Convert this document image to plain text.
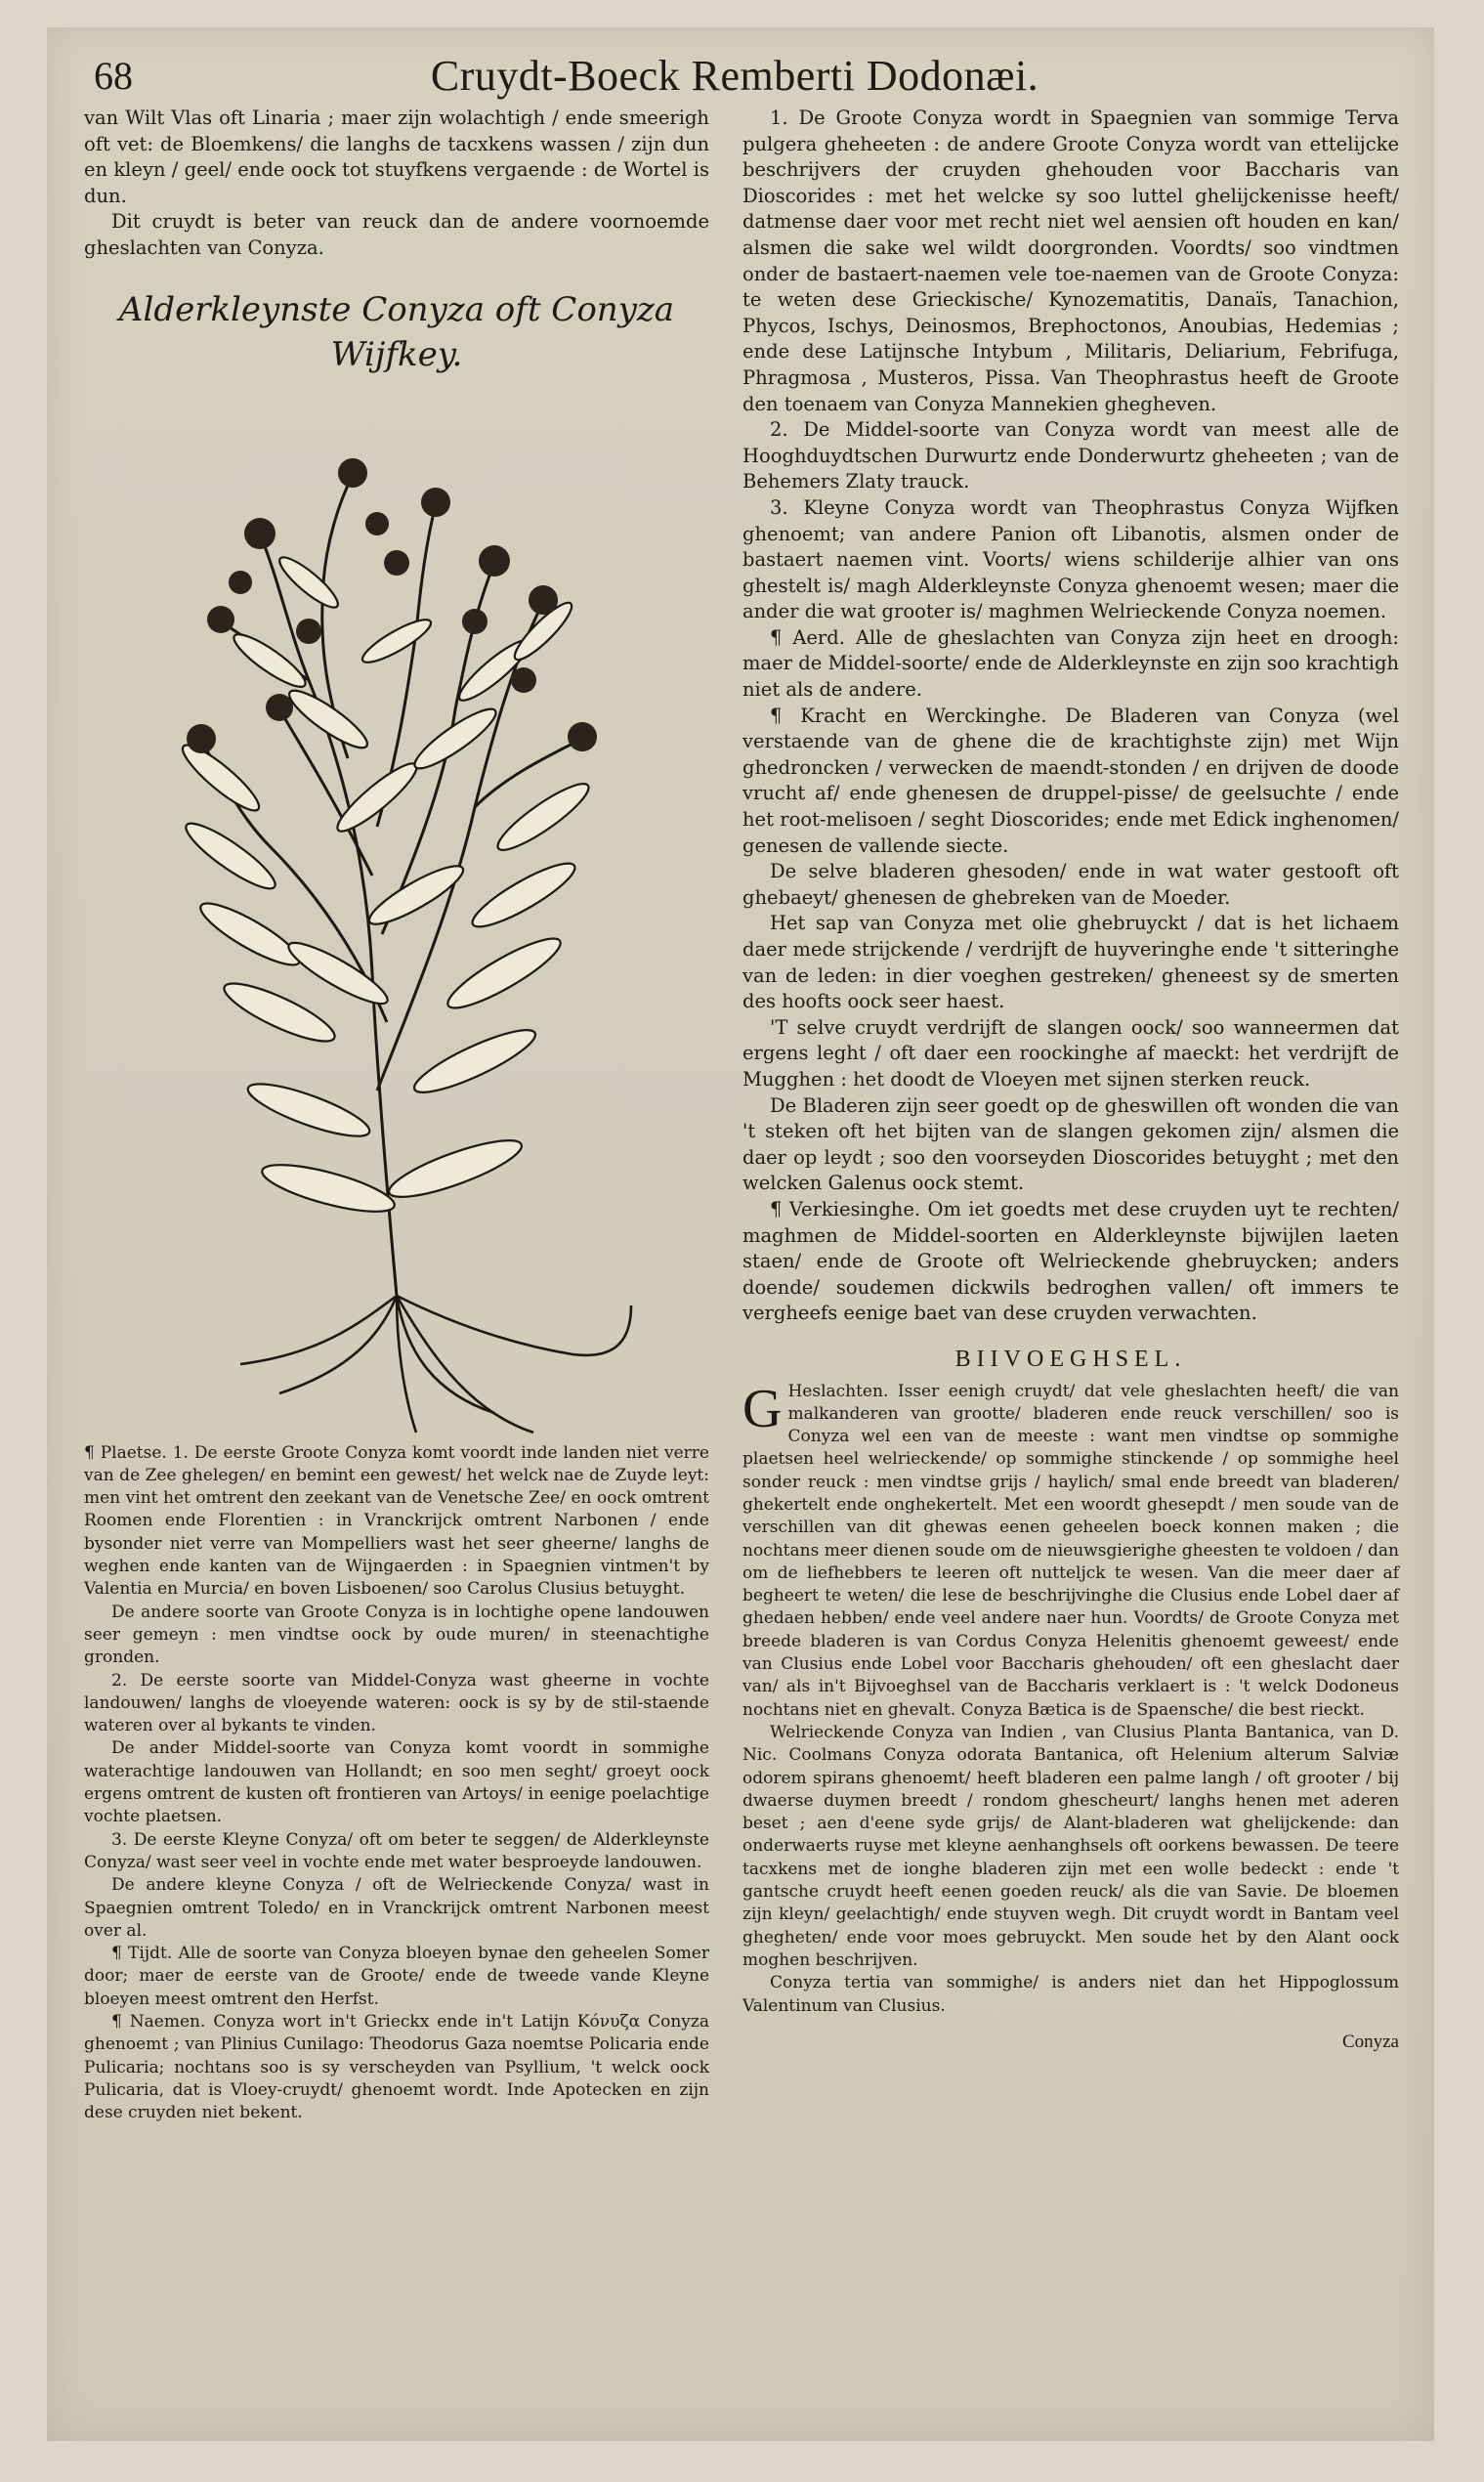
68	Cruydt-Boeck Remberti Dodonæi.

van Wilt Vlas oft Linaria ; maer zijn wolachtigh / ende smeerigh oft vet: de Bloemkens/ die langhs de tacxkens wassen / zijn dun en kleyn / geel/ ende oock tot stuyfkens vergaende : de Wortel is dun.

Dit cruydt is beter van reuck dan de andere voornoemde gheslachten van Conyza.

Alderkleynste Conyza oft Conyza
Wijfkey.

¶ Plaetse. 1. De eerste Groote Conyza komt voordt inde landen niet verre van de Zee ghelegen/ en bemint een gewest/ het welck nae de Zuyde leyt: men vint het omtrent den zeekant van de Venetsche Zee/ en oock omtrent Roomen ende Florentien : in Vranckrijck omtrent Narbonen / ende bysonder niet verre van Mompelliers wast het seer gheerne/ langhs de weghen ende kanten van de Wijngaerden : in Spaegnien vintmen't by Valentia en Murcia/ en boven Lisboenen/ soo Carolus Clusius betuyght.

De andere soorte van Groote Conyza is in lochtighe opene landouwen seer gemeyn : men vindtse oock by oude muren/ in steenachtighe gronden.

2. De eerste soorte van Middel-Conyza wast gheerne in vochte landouwen/ langhs de vloeyende wateren: oock is sy by de stil-staende wateren over al bykants te vinden.

De ander Middel-soorte van Conyza komt voordt in sommighe waterachtige landouwen van Hollandt; en soo men seght/ groeyt oock ergens omtrent de kusten oft frontieren van Artoys/ in eenige poelachtige vochte plaetsen.

3. De eerste Kleyne Conyza/ oft om beter te seggen/ de Alderkleynste Conyza/ wast seer veel in vochte ende met water besproeyde landouwen.

De andere kleyne Conyza / oft de Welrieckende Conyza/ wast in Spaegnien omtrent Toledo/ en in Vranckrijck omtrent Narbonen meest over al.

¶ Tijdt. Alle de soorte van Conyza bloeyen bynae den geheelen Somer door; maer de eerste van de Groote/ ende de tweede vande Kleyne bloeyen meest omtrent den Herfst.

¶ Naemen. Conyza wort in't Grieckx ende in't Latijn Κόνυζα Conyza ghenoemt ; van Plinius Cunilago: Theodorus Gaza noemtse Policaria ende Pulicaria; nochtans soo is sy verscheyden van Psyllium, 't welck oock Pulicaria, dat is Vloey-cruydt/ ghenoemt wordt. Inde Apotecken en zijn dese cruyden niet bekent.

1. De Groote Conyza wordt in Spaegnien van sommige Terva pulgera gheheeten : de andere Groote Conyza wordt van ettelijcke beschrijvers der cruyden ghehouden voor Baccharis van Dioscorides : met het welcke sy soo luttel ghelijckenisse heeft/ datmense daer voor met recht niet wel aensien oft houden en kan/ alsmen die sake wel wildt doorgronden. Voordts/ soo vindtmen onder de bastaert-naemen vele toe-naemen van de Groote Conyza: te weten dese Grieckische/ Kynozematitis, Danaïs, Tanachion, Phycos, Ischys, Deinosmos, Brephoctonos, Anoubias, Hedemias ; ende dese Latijnsche Intybum , Militaris, Deliarium, Febrifuga, Phragmosa , Musteros, Pissa. Van Theophrastus heeft de Groote den toenaem van Conyza Mannekien ghegheven.

2. De Middel-soorte van Conyza wordt van meest alle de Hooghduydtschen Durwurtz ende Donderwurtz gheheeten ; van de Behemers Zlaty trauck.

3. Kleyne Conyza wordt van Theophrastus Conyza Wijfken ghenoemt; van andere Panion oft Libanotis, alsmen onder de bastaert naemen vint. Voorts/ wiens schilderije alhier van ons ghestelt is/ magh Alderkleynste Conyza ghenoemt wesen; maer die ander die wat grooter is/ maghmen Welrieckende Conyza noemen.

¶ Aerd. Alle de gheslachten van Conyza zijn heet en droogh: maer de Middel-soorte/ ende de Alderkleynste en zijn soo krachtigh niet als de andere.

¶ Kracht en Werckinghe. De Bladeren van Conyza (wel verstaende van de ghene die de krachtighste zijn) met Wijn ghedroncken / verwecken de maendt-stonden / en drijven de doode vrucht af/ ende ghenesen de druppel-pisse/ de geelsuchte / ende het root-melisoen / seght Dioscorides; ende met Edick inghenomen/ genesen de vallende siecte.

De selve bladeren ghesoden/ ende in wat water gestooft oft ghebaeyt/ ghenesen de ghebreken van de Moeder.

Het sap van Conyza met olie ghebruyckt / dat is het lichaem daer mede strijckende / verdrijft de huyveringhe ende 't sitteringhe van de leden: in dier voeghen gestreken/ gheneest sy de smerten des hoofts oock seer haest.

'T selve cruydt verdrijft de slangen oock/ soo wanneermen dat ergens leght / oft daer een roockinghe af maeckt: het verdrijft de Mugghen : het doodt de Vloeyen met sijnen sterken reuck.

De Bladeren zijn seer goedt op de gheswillen oft wonden die van 't steken oft het bijten van de slangen gekomen zijn/ alsmen die daer op leydt ; soo den voorseyden Dioscorides betuyght ; met den welcken Galenus oock stemt.

¶ Verkiesinghe. Om iet goedts met dese cruyden uyt te rechten/ maghmen de Middel-soorten en Alderkleynste bijwijlen laeten staen/ ende de Groote oft Welrieckende ghebruycken; anders doende/ soudemen dickwils bedroghen vallen/ oft immers te vergheefs eenige baet van dese cruyden verwachten.

BIIVOEGHSEL.

G Heslachten. Isser eenigh cruydt/ dat vele gheslachten heeft/ die van malkanderen van grootte/ bladeren ende reuck verschillen/ soo is Conyza wel een van de meeste : want men vindtse op sommighe plaetsen heel welrieckende/ op sommighe stinckende / op sommighe heel sonder reuck : men vindtse grijs / haylich/ smal ende breedt van bladeren/ ghekertelt ende onghekertelt. Met een woordt ghesepdt / men soude van de verschillen van dit ghewas eenen geheelen boeck konnen maken ; die nochtans meer dienen soude om de nieuwsgierighe gheesten te voldoen / dan om de liefhebbers te leeren oft nutteljck te wesen. Van die meer daer af begheert te weten/ die lese de beschrijvinghe die Clusius ende Lobel daer af ghedaen hebben/ ende veel andere naer hun. Voordts/ de Groote Conyza met breede bladeren is van Cordus Conyza Helenitis ghenoemt geweest/ ende van Clusius ende Lobel voor Baccharis ghehouden/ oft een gheslacht daer van/ als in't Bijvoeghsel van de Baccharis verklaert is : 't welck Dodoneus nochtans niet en ghevalt. Conyza Bætica is de Spaensche/ die best rieckt.

Welrieckende Conyza van Indien , van Clusius Planta Bantanica, van D. Nic. Coolmans Conyza odorata Bantanica, oft Helenium alterum Salviæ odorem spirans ghenoemt/ heeft bladeren een palme langh / oft grooter / bij dwaerse duymen breedt / rondom ghescheurt/ langhs henen met aderen beset ; aen d'eene syde grijs/ de Alant-bladeren wat ghelijckende: dan onderwaerts ruyse met kleyne aenhanghsels oft oorkens bewassen. De teere tacxkens met de ionghe bladeren zijn met een wolle bedeckt : ende 't gantsche cruydt heeft eenen goeden reuck/ als die van Savie. De bloemen zijn kleyn/ geelachtigh/ ende stuyven wegh. Dit cruydt wordt in Bantam veel ghegheten/ ende voor moes gebruyckt. Men soude het by den Alant oock moghen beschrijven.

Conyza tertia van sommighe/ is anders niet dan het Hippoglossum Valentinum van Clusius.

Conyza
